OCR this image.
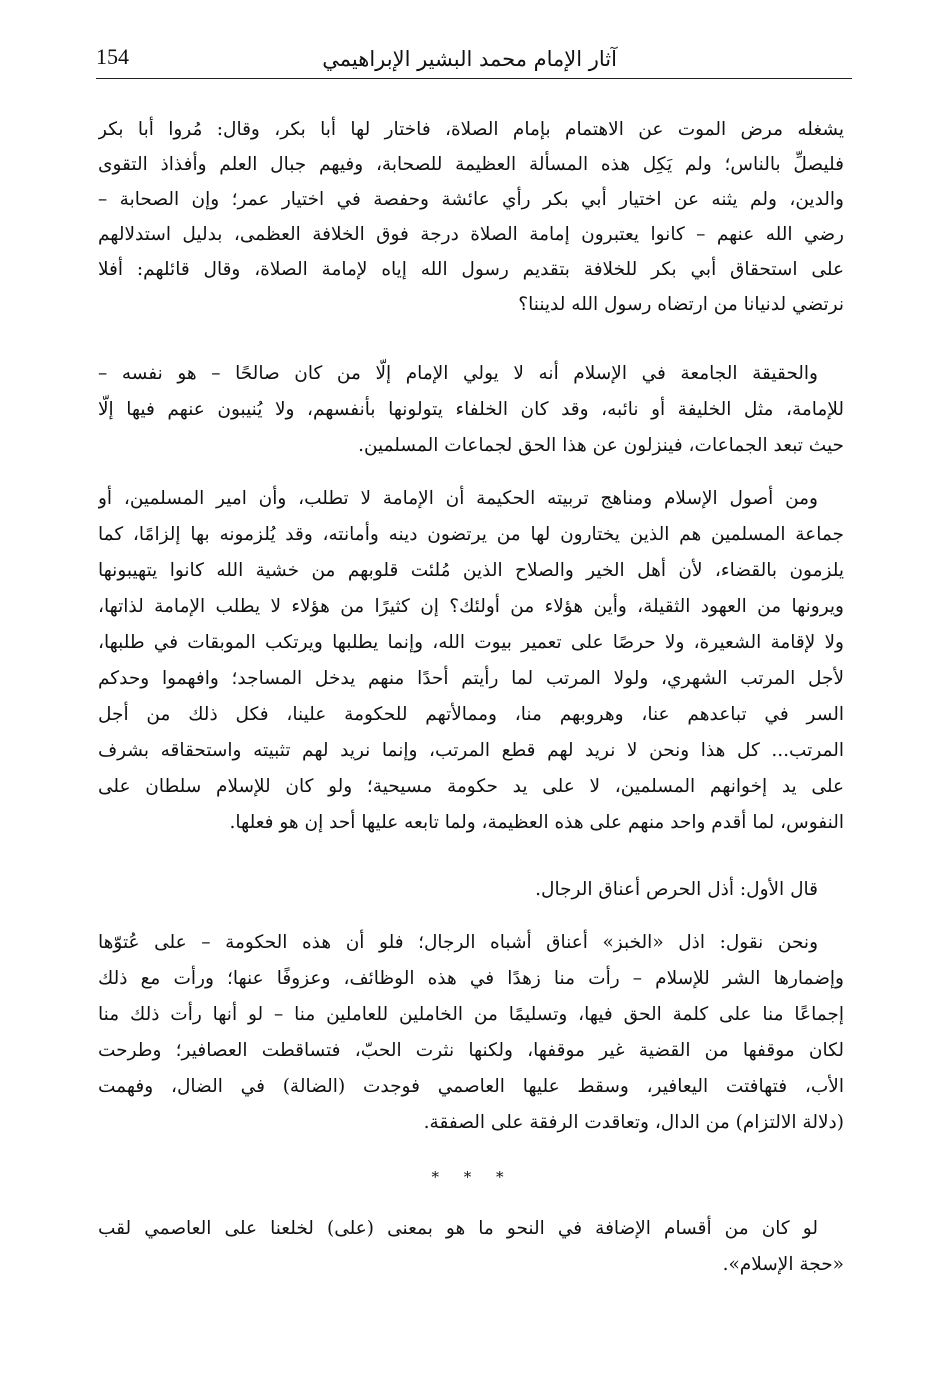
آثار الإمام محمد البشير الإبراهيمي
154
يشغله مرض الموت عن الاهتمام بإمام الصلاة، فاختار لها أبا بكر، وقال: مُروا أبا بكر
فليصلِّ بالناس؛ ولم يَكِل هذه المسألة العظيمة للصحابة، وفيهم جبال العلم وأفذاذ التقوى
والدين، ولم يثنه عن اختيار أبي بكر رأي عائشة وحفصة في اختيار عمر؛ وإن الصحابة –
رضي الله عنهم – كانوا يعتبرون إمامة الصلاة درجة فوق الخلافة العظمى، بدليل استدلالهم
على استحقاق أبي بكر للخلافة بتقديم رسول الله إياه لإمامة الصلاة، وقال قائلهم: أفلا
نرتضي لدنيانا من ارتضاه رسول الله لديننا؟
والحقيقة الجامعة في الإسلام أنه لا يولي الإمام إلّا من كان صالحًا – هو نفسه –
للإمامة، مثل الخليفة أو نائبه، وقد كان الخلفاء يتولونها بأنفسهم، ولا يُنيبون عنهم فيها إلّا
حيث تبعد الجماعات، فينزلون عن هذا الحق لجماعات المسلمين.
ومن أصول الإسلام ومناهج تربيته الحكيمة أن الإمامة لا تطلب، وأن امير المسلمين، أو
جماعة المسلمين هم الذين يختارون لها من يرتضون دينه وأمانته، وقد يُلزمونه بها إلزامًا، كما
يلزمون بالقضاء، لأن أهل الخير والصلاح الذين مُلئت قلوبهم من خشية الله كانوا يتهيبونها
ويرونها من العهود الثقيلة، وأين هؤلاء من أولئك؟ إن كثيرًا من هؤلاء لا يطلب الإمامة لذاتها،
ولا لإقامة الشعيرة، ولا حرصًا على تعمير بيوت الله، وإنما يطلبها ويرتكب الموبقات في طلبها،
لأجل المرتب الشهري، ولولا المرتب لما رأيتم أحدًا منهم يدخل المساجد؛ وافهموا وحدكم
السر في تباعدهم عنا، وهروبهم منا، وممالأتهم للحكومة علينا، فكل ذلك من أجل
المرتب... كل هذا ونحن لا نريد لهم قطع المرتب، وإنما نريد لهم تثبيته واستحقاقه بشرف
على يد إخوانهم المسلمين، لا على يد حكومة مسيحية؛ ولو كان للإسلام سلطان على
النفوس، لما أقدم واحد منهم على هذه العظيمة، ولما تابعه عليها أحد إن هو فعلها.
قال الأول: أذل الحرص أعناق الرجال.
ونحن نقول: اذل «الخبز» أعناق أشباه الرجال؛ فلو أن هذه الحكومة – على عُتوّها
وإضمارها الشر للإسلام – رأت منا زهدًا في هذه الوظائف، وعزوفًا عنها؛ ورأت مع ذلك
إجماعًا منا على كلمة الحق فيها، وتسليمًا من الخاملين للعاملين منا – لو أنها رأت ذلك منا
لكان موقفها من القضية غير موقفها، ولكنها نثرت الحبّ، فتساقطت العصافير؛ وطرحت
الأب، فتهافتت اليعافير، وسقط عليها العاصمي فوجدت (الضالة) في الضال، وفهمت
(دلالة الالتزام) من الدال، وتعاقدت الرفقة على الصفقة.
* * *
لو كان من أقسام الإضافة في النحو ما هو بمعنى (على) لخلعنا على العاصمي لقب
«حجة الإسلام».
